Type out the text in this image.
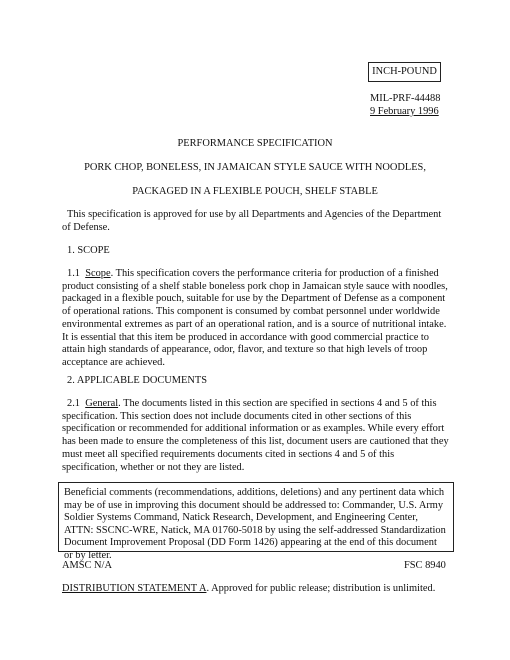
INCH-POUND
MIL-PRF-44488
9 February 1996
PERFORMANCE SPECIFICATION
PORK CHOP, BONELESS, IN JAMAICAN STYLE SAUCE WITH NOODLES,
PACKAGED IN A FLEXIBLE POUCH, SHELF STABLE
This specification is approved for use by all Departments and Agencies of the Department of Defense.
1. SCOPE
1.1 Scope. This specification covers the performance criteria for production of a finished product consisting of a shelf stable boneless pork chop in Jamaican style sauce with noodles, packaged in a flexible pouch, suitable for use by the Department of Defense as a component of operational rations. This component is consumed by combat personnel under worldwide environmental extremes as part of an operational ration, and is a source of nutritional intake. It is essential that this item be produced in accordance with good commercial practice to attain high standards of appearance, odor, flavor, and texture so that high levels of troop acceptance are achieved.
2. APPLICABLE DOCUMENTS
2.1 General. The documents listed in this section are specified in sections 4 and 5 of this specification. This section does not include documents cited in other sections of this specification or recommended for additional information or as examples. While every effort has been made to ensure the completeness of this list, document users are cautioned that they must meet all specified requirements documents cited in sections 4 and 5 of this specification, whether or not they are listed.
Beneficial comments (recommendations, additions, deletions) and any pertinent data which may be of use in improving this document should be addressed to: Commander, U.S. Army Soldier Systems Command, Natick Research, Development, and Engineering Center, ATTN: SSCNC-WRE, Natick, MA 01760-5018 by using the self-addressed Standardization Document Improvement Proposal (DD Form 1426) appearing at the end of this document or by letter.
AMSC N/A	FSC 8940
DISTRIBUTION STATEMENT A. Approved for public release; distribution is unlimited.
